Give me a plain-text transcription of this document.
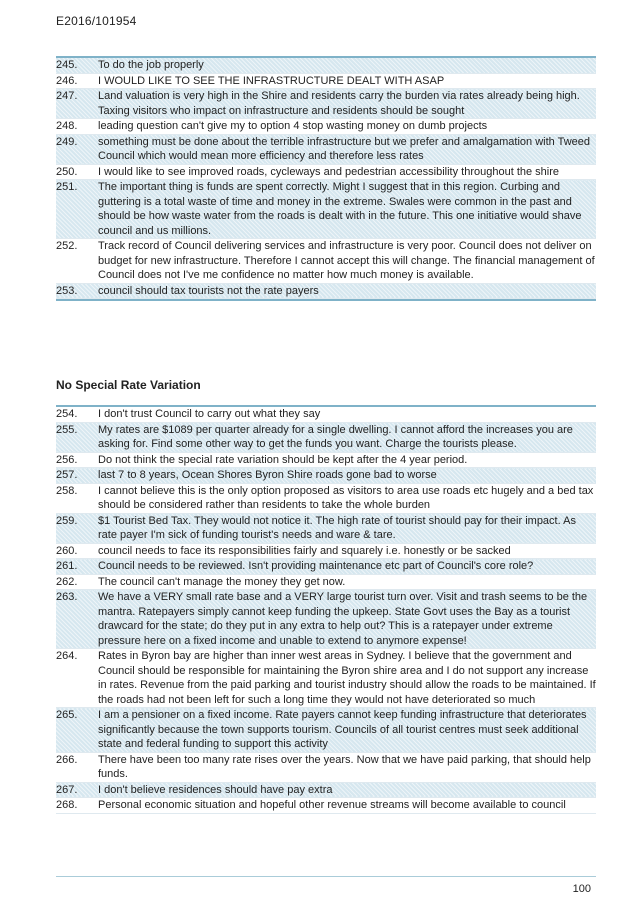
E2016/101954
245.	To do the job properly
246.	I WOULD LIKE TO SEE THE INFRASTRUCTURE DEALT WITH ASAP
247.	Land valuation is very high in the Shire and residents carry the burden via rates already being high. Taxing visitors who impact on infrastructure and residents should be sought
248.	leading question can't give my to option 4 stop wasting money on dumb projects
249.	something must be done about the terrible infrastructure but we prefer and amalgamation with Tweed Council which would mean more efficiency and therefore less rates
250.	I would like to see improved roads, cycleways and pedestrian accessibility throughout the shire
251.	The important thing is funds are spent correctly. Might I suggest that in this region. Curbing and guttering is a total waste of time and money in the extreme. Swales were common in the past and should be how waste water from the roads is dealt with in the future. This one initiative would shave council and us millions.
252.	Track record of Council delivering services and infrastructure is very poor. Council does not deliver on budget for new infrastructure. Therefore I cannot accept this will change. The financial management of Council does not I've me confidence no matter how much money is available.
253.	council should tax tourists not the rate payers
No Special Rate Variation
254.	I don't trust Council to carry out what they say
255.	My rates are $1089 per quarter already for a single dwelling. I cannot afford the increases you are asking for. Find some other way to get the funds you want. Charge the tourists please.
256.	Do not think the special rate variation should be kept after the 4 year period.
257.	last 7 to 8 years, Ocean Shores Byron Shire roads gone bad to worse
258.	I cannot believe this is the only option proposed as visitors to area use roads etc hugely and a bed tax should be considered rather than residents to take the whole burden
259.	$1 Tourist Bed Tax. They would not notice it. The high rate of tourist should pay for their impact. As rate payer I'm sick of funding tourist's needs and ware & tare.
260.	council needs to face its responsibilities fairly and squarely i.e. honestly or be sacked
261.	Council needs to be reviewed. Isn't providing maintenance etc part of Council's core role?
262.	The council can't manage the money they get now.
263.	We have a VERY small rate base and a VERY large tourist turn over. Visit and trash seems to be the mantra. Ratepayers simply cannot keep funding the upkeep. State Govt uses the Bay as a tourist drawcard for the state; do they put in any extra to help out? This is a ratepayer under extreme pressure here on a fixed income and unable to extend to anymore expense!
264.	Rates in Byron bay are higher than inner west areas in Sydney. I believe that the government and Council should be responsible for maintaining the Byron shire area and I do not support any increase in rates. Revenue from the paid parking and tourist industry should allow the roads to be maintained. If the roads had not been left for such a long time they would not have deteriorated so much
265.	I am a pensioner on a fixed income. Rate payers cannot keep funding infrastructure that deteriorates significantly because the town supports tourism. Councils of all tourist centres must seek additional state and federal funding to support this activity
266.	There have been too many rate rises over the years. Now that we have paid parking, that should help funds.
267.	I don't believe residences should have pay extra
268.	Personal economic situation and hopeful other revenue streams will become available to council
100
